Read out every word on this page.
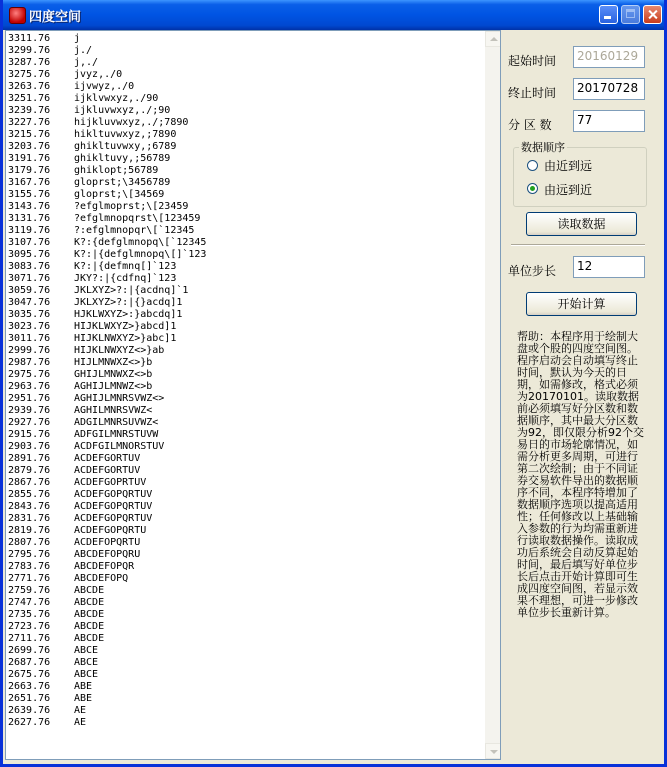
四度空间
3311.76 j
3299.76 j./
3287.76 j,./
3275.76 jvyz,./0
3263.76 ijvwyz,./0
3251.76 ijklvwxyz,./90
3239.76 ijkluvwxyz,./;90
3227.76 hijkluvwxyz,./;7890
3215.76 hikltuvwxyz,;7890
3203.76 ghikltuvwxy,;6789
3191.76 ghikltuvy,;56789
3179.76 ghiklopt;56789
3167.76 gloprst;\3456789
3155.76 gloprst;\[34569
3143.76 ?efglmoprst;\[23459
3131.76 ?efglmnopqrst\[123459
3119.76 ?:efglmnopqr\[`12345
3107.76 K?:{defglmnopq\[`12345
3095.76 K?:|{defglmnopq\[]`123
3083.76 K?:|{defmnq[]`123
3071.76 JKY?:|{cdfnq]`123
3059.76 JKLXYZ>?:|{acdnq]`1
3047.76 JKLXYZ>?:|{}acdq]1
3035.76 HJKLWXYZ>:}abcdq]1
3023.76 HIJKLWXYZ>}abcd]1
3011.76 HIJKLNWXYZ>}abc]1
2999.76 HIJKLNWXYZ<>}ab
2987.76 HIJLMNWXZ<>}b
2975.76 GHIJLMNWXZ<>b
2963.76 AGHIJLMNWZ<>b
2951.76 AGHIJLMNRSVWZ<>
2939.76 AGHILMNRSVWZ<
2927.76 ADGILMNRSUVWZ<
2915.76 ADFGILMNRSTUVW
2903.76 ACDFGILMNORSTUV
2891.76 ACDEFGORTUV
2879.76 ACDEFGORTUV
2867.76 ACDEFGOPRTUV
2855.76 ACDEFGOPQRTUV
2843.76 ACDEFGOPQRTUV
2831.76 ACDEFGOPQRTUV
2819.76 ACDEFGOPQRTU
2807.76 ACDEFOPQRTU
2795.76 ABCDEFOPQRU
2783.76 ABCDEFOPQR
2771.76 ABCDEFOPQ
2759.76 ABCDE
2747.76 ABCDE
2735.76 ABCDE
2723.76 ABCDE
2711.76 ABCDE
2699.76 ABCE
2687.76 ABCE
2675.76 ABCE
2663.76 ABE
2651.76 ABE
2639.76 AE
2627.76 AE
起始时间	20160129
终止时间	20170728
分 区 数	77
数据顺序
由近到远
由远到近
读取数据
单位步长	12
开始计算
帮助：本程序用于绘制大盘或个股的四度空间图。程序启动会自动填写终止时间，默认为今天的日期，如需修改，格式必须为20170101。读取数据前必须填写好分区数和数据顺序，其中最大分区数为92，即仅限分析92个交易日的市场轮廓情况，如需分析更多周期，可进行第二次绘制；由于不同证券交易软件导出的数据顺序不同，本程序特增加了数据顺序选项以提高适用性；任何修改以上基础输入参数的行为均需重新进行读取数据操作。读取成功后系统会自动反算起始时间，最后填写好单位步长后点击开始计算即可生成四度空间图，若显示效果不理想，可进一步修改单位步长重新计算。
